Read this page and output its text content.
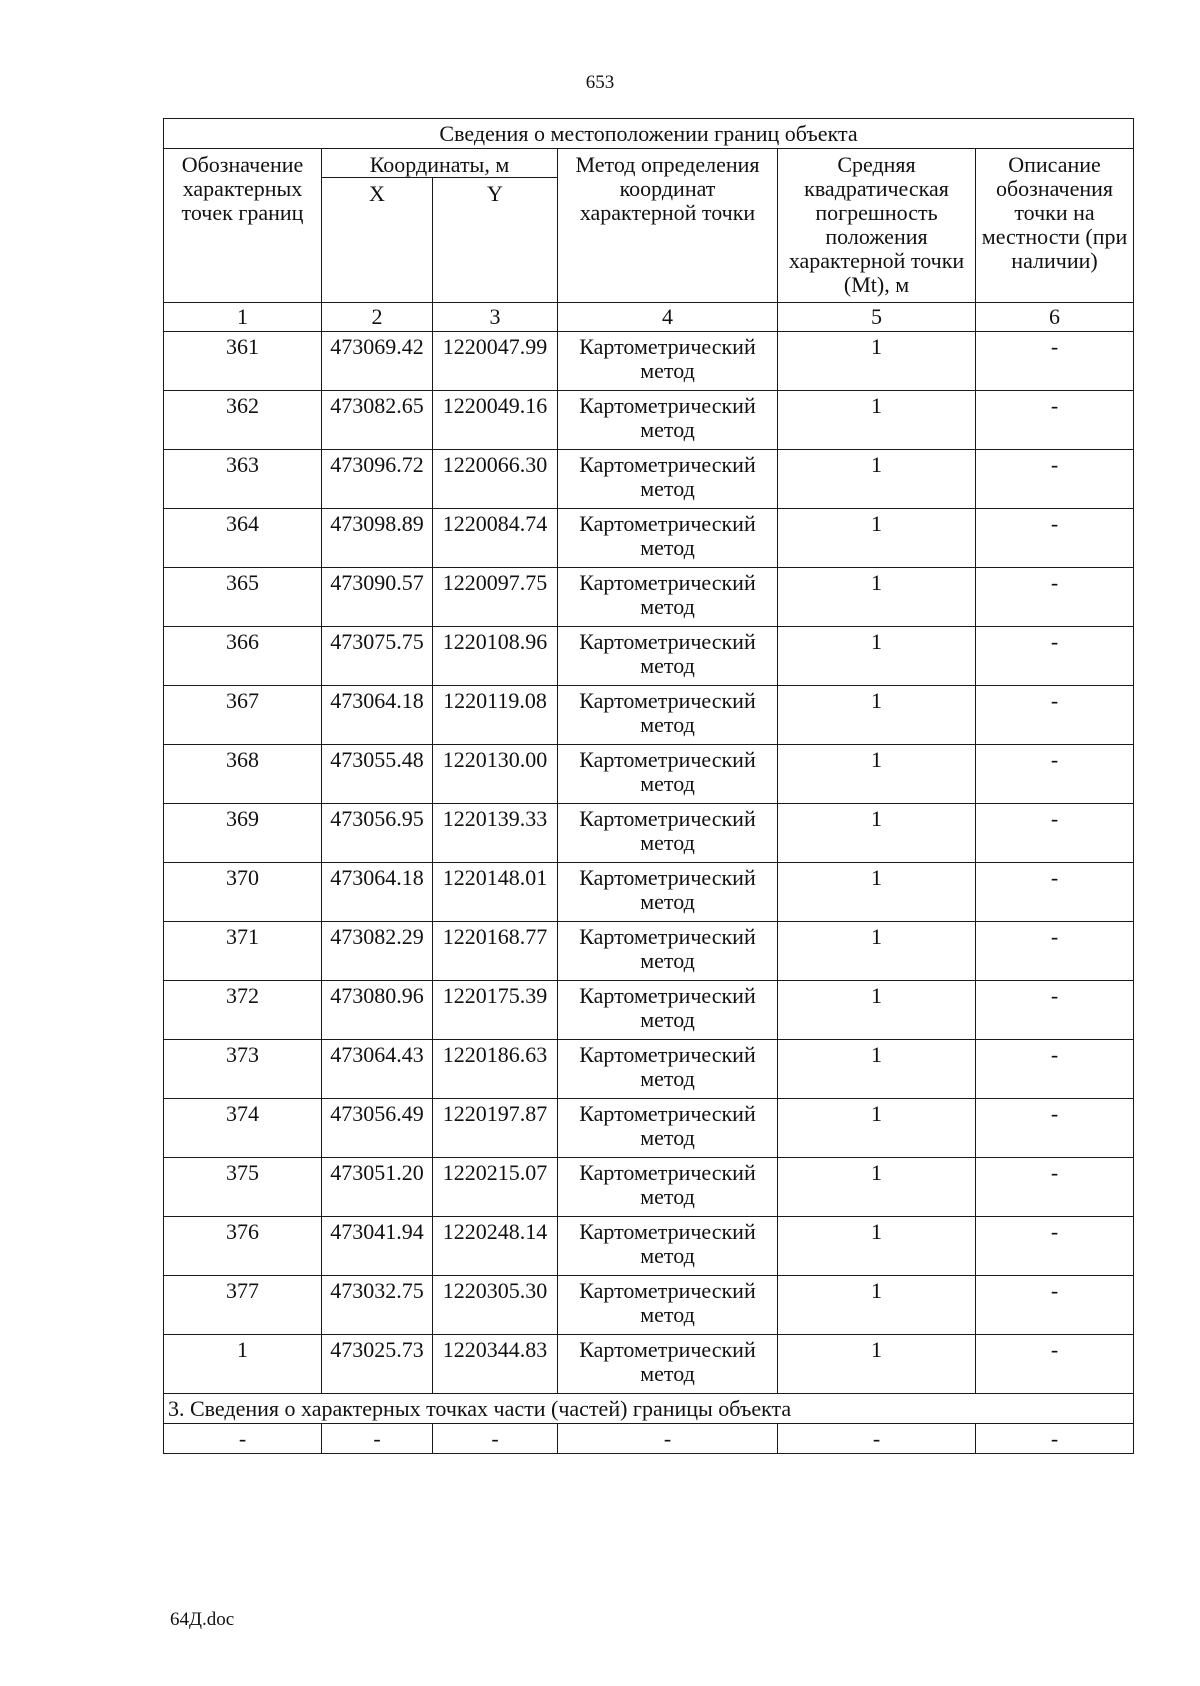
653
Сведения о местоположении границ объекта					
Обозначение характерных точек границ	Координаты, м		Метод определения координат характерной точки	Средняя квадратическая погрешность положения характерной точки (Mt), м	Описание обозначения точки на местности (при наличии)
	X	Y			
1	2	3	4	5	6
361	473069.42	1220047.99	Картометрический метод	1	-
362	473082.65	1220049.16	Картометрический метод	1	-
363	473096.72	1220066.30	Картометрический метод	1	-
364	473098.89	1220084.74	Картометрический метод	1	-
365	473090.57	1220097.75	Картометрический метод	1	-
366	473075.75	1220108.96	Картометрический метод	1	-
367	473064.18	1220119.08	Картометрический метод	1	-
368	473055.48	1220130.00	Картометрический метод	1	-
369	473056.95	1220139.33	Картометрический метод	1	-
370	473064.18	1220148.01	Картометрический метод	1	-
371	473082.29	1220168.77	Картометрический метод	1	-
372	473080.96	1220175.39	Картометрический метод	1	-
373	473064.43	1220186.63	Картометрический метод	1	-
374	473056.49	1220197.87	Картометрический метод	1	-
375	473051.20	1220215.07	Картометрический метод	1	-
376	473041.94	1220248.14	Картометрический метод	1	-
377	473032.75	1220305.30	Картометрический метод	1	-
1	473025.73	1220344.83	Картометрический метод	1	-
3. Сведения о характерных точках части (частей) границы объекта					
-	-	-	-	-	-
64Д.doc
